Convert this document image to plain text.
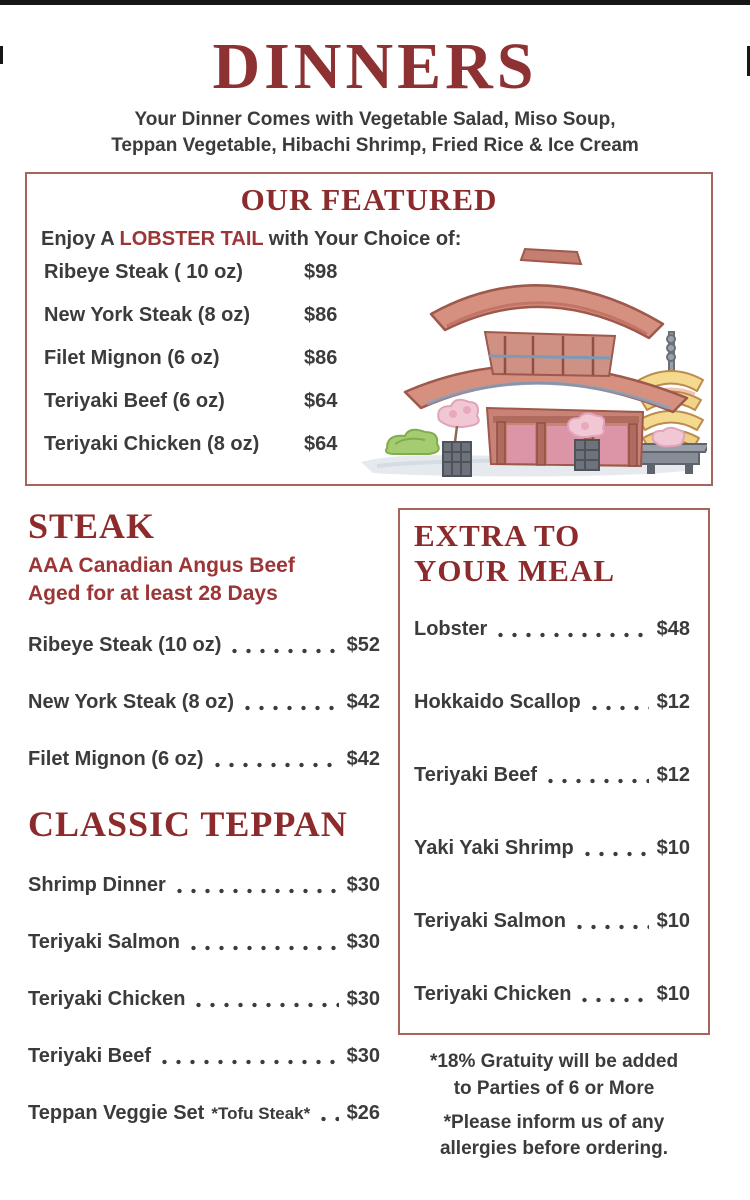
DINNERS
Your Dinner Comes with Vegetable Salad, Miso Soup,
Teppan Vegetable, Hibachi Shrimp, Fried Rice & Ice Cream
OUR FEATURED
Enjoy A LOBSTER TAIL with Your Choice of:
Ribeye Steak ( 10 oz)	$98
New York Steak (8 oz)	$86
Filet Mignon (6 oz)	$86
Teriyaki Beef (6 oz)	$64
Teriyaki Chicken (8 oz)	$64
STEAK
AAA Canadian Angus Beef
Aged for at least 28 Days
Ribeye Steak (10 oz)	$52
New York Steak (8 oz)	$42
Filet Mignon (6 oz)	$42
CLASSIC TEPPAN
Shrimp Dinner	$30
Teriyaki Salmon	$30
Teriyaki Chicken	$30
Teriyaki Beef	$30
Teppan Veggie Set *Tofu Steak* $26
EXTRA TO
YOUR MEAL
Lobster	$48
Hokkaido Scallop	$12
Teriyaki Beef	$12
Yaki Yaki Shrimp	$10
Teriyaki Salmon	$10
Teriyaki Chicken	$10
*18% Gratuity will be added
to Parties of 6 or More
*Please inform us of any
allergies before ordering.
